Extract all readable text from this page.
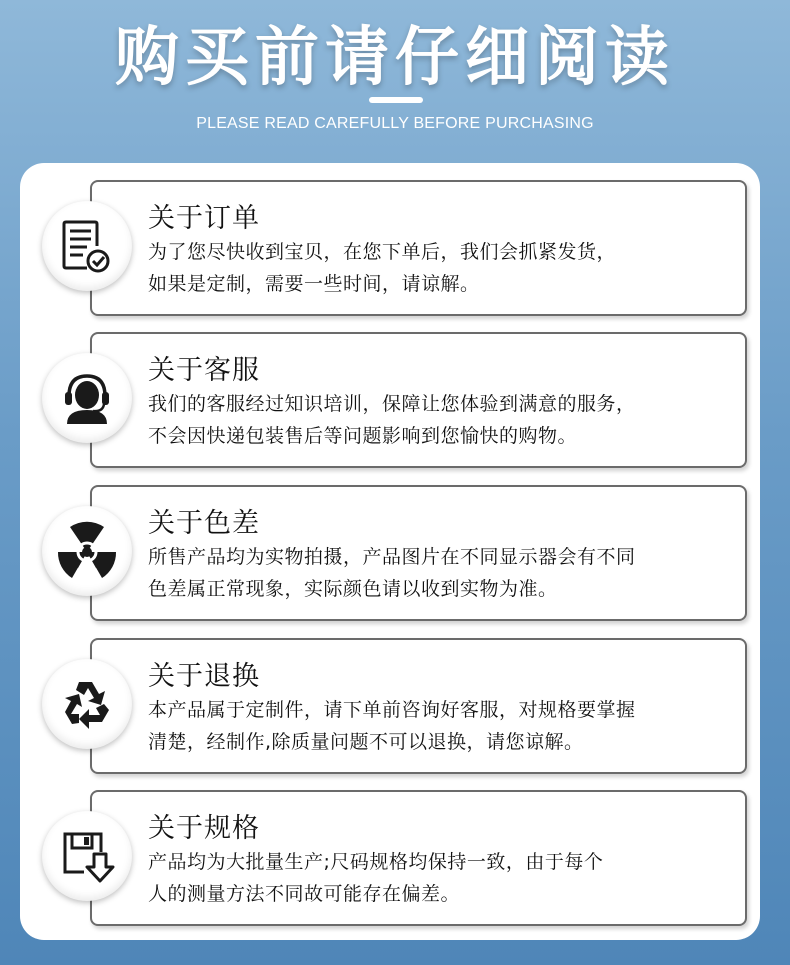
购买前请仔细阅读
PLEASE READ CAREFULLY BEFORE PURCHASING
关于订单
为了您尽快收到宝贝，在您下单后，我们会抓紧发货，
如果是定制，需要一些时间，请谅解。
关于客服
我们的客服经过知识培训，保障让您体验到满意的服务，
不会因快递包装售后等问题影响到您愉快的购物。
关于色差
所售产品均为实物拍摄，产品图片在不同显示器会有不同
色差属正常现象，实际颜色请以收到实物为准。
关于退换
本产品属于定制件，请下单前咨询好客服，对规格要掌握
清楚，经制作,除质量问题不可以退换，请您谅解。
关于规格
产品均为大批量生产;尺码规格均保持一致，由于每个
人的测量方法不同故可能存在偏差。
